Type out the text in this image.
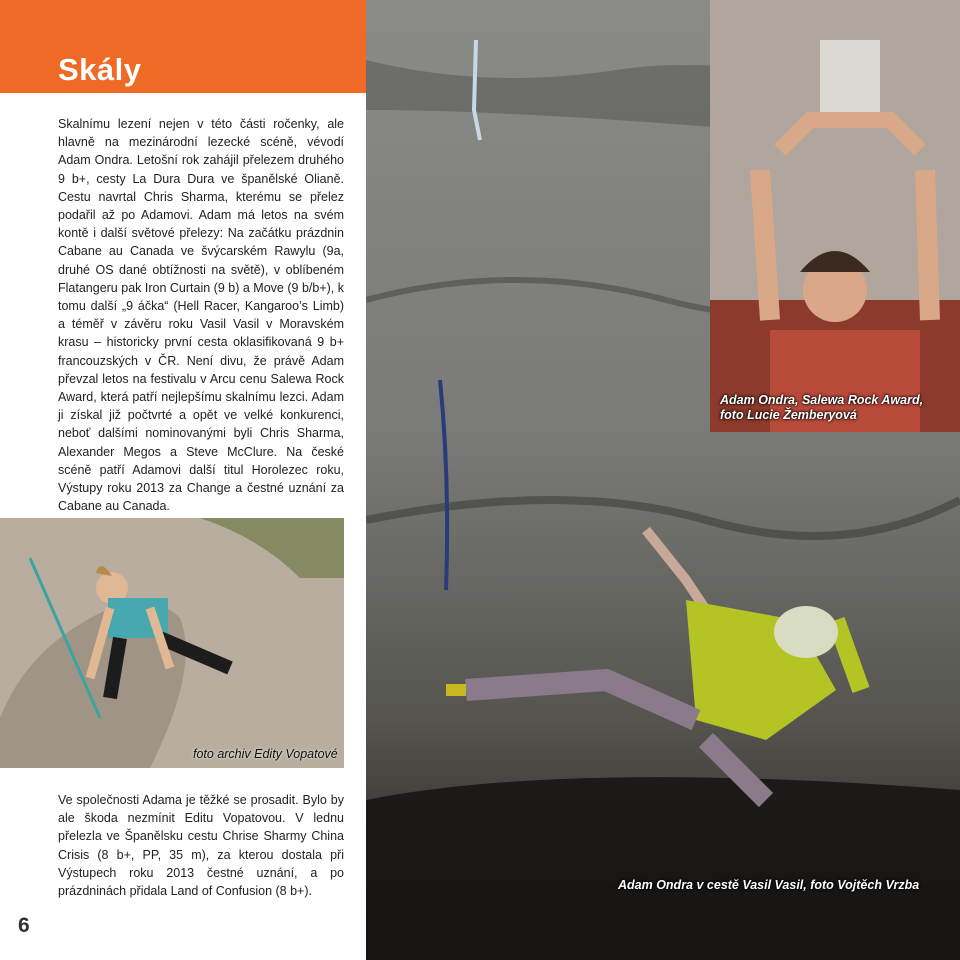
Skály

Skalnímu lezení nejen v této části ročenky, ale hlavně na mezinárodní lezecké scéně, vévodí Adam Ondra. Letošní rok zahájil přelezem druhého 9 b+, cesty La Dura Dura ve španělské Olianě. Cestu navrtal Chris Sharma, kterému se přelez podařil až po Adamovi. Adam má letos na svém kontě i další světové přelezy: Na začátku prázdnin Cabane au Canada ve švýcarském Rawylu (9a, druhé OS dané obtížnosti na světě), v oblíbeném Flatangeru pak Iron Curtain (9 b) a Move (9 b/b+), k tomu další „9 áčka“ (Hell Racer, Kangaroo’s Limb) a téměř v závěru roku Vasil Vasil v Moravském krasu – historicky první cesta oklasifikovaná 9 b+ francouzských v ČR. Není divu, že právě Adam převzal letos na festivalu v Arcu cenu Salewa Rock Award, která patří nejlepšímu skalnímu lezci. Adam ji získal již počtvrté a opět ve velké konkurenci, neboť dalšími nominovanými byli Chris Sharma, Alexander Megos a Steve McClure. Na české scéně patří Adamovi další titul Horolezec roku, Výstupy roku 2013 za Change a čestné uznání za Cabane au Canada.

Adam Ondra v cestě Vasil Vasil, foto Vojtěch Vrzba
Adam Ondra, Salewa Rock Award,
foto Lucie Žemberyová
foto archiv Edity Vopatové

Ve společnosti Adama je těžké se prosadit. Bylo by ale škoda nezmínit Editu Vopatovou. V lednu přelezla ve Španělsku cestu Chrise Sharmy China Crisis (8 b+, PP, 35 m), za kterou dostala při Výstupech roku 2013 čestné uznání, a po prázdninách přidala Land of Confusion (8 b+).

6
